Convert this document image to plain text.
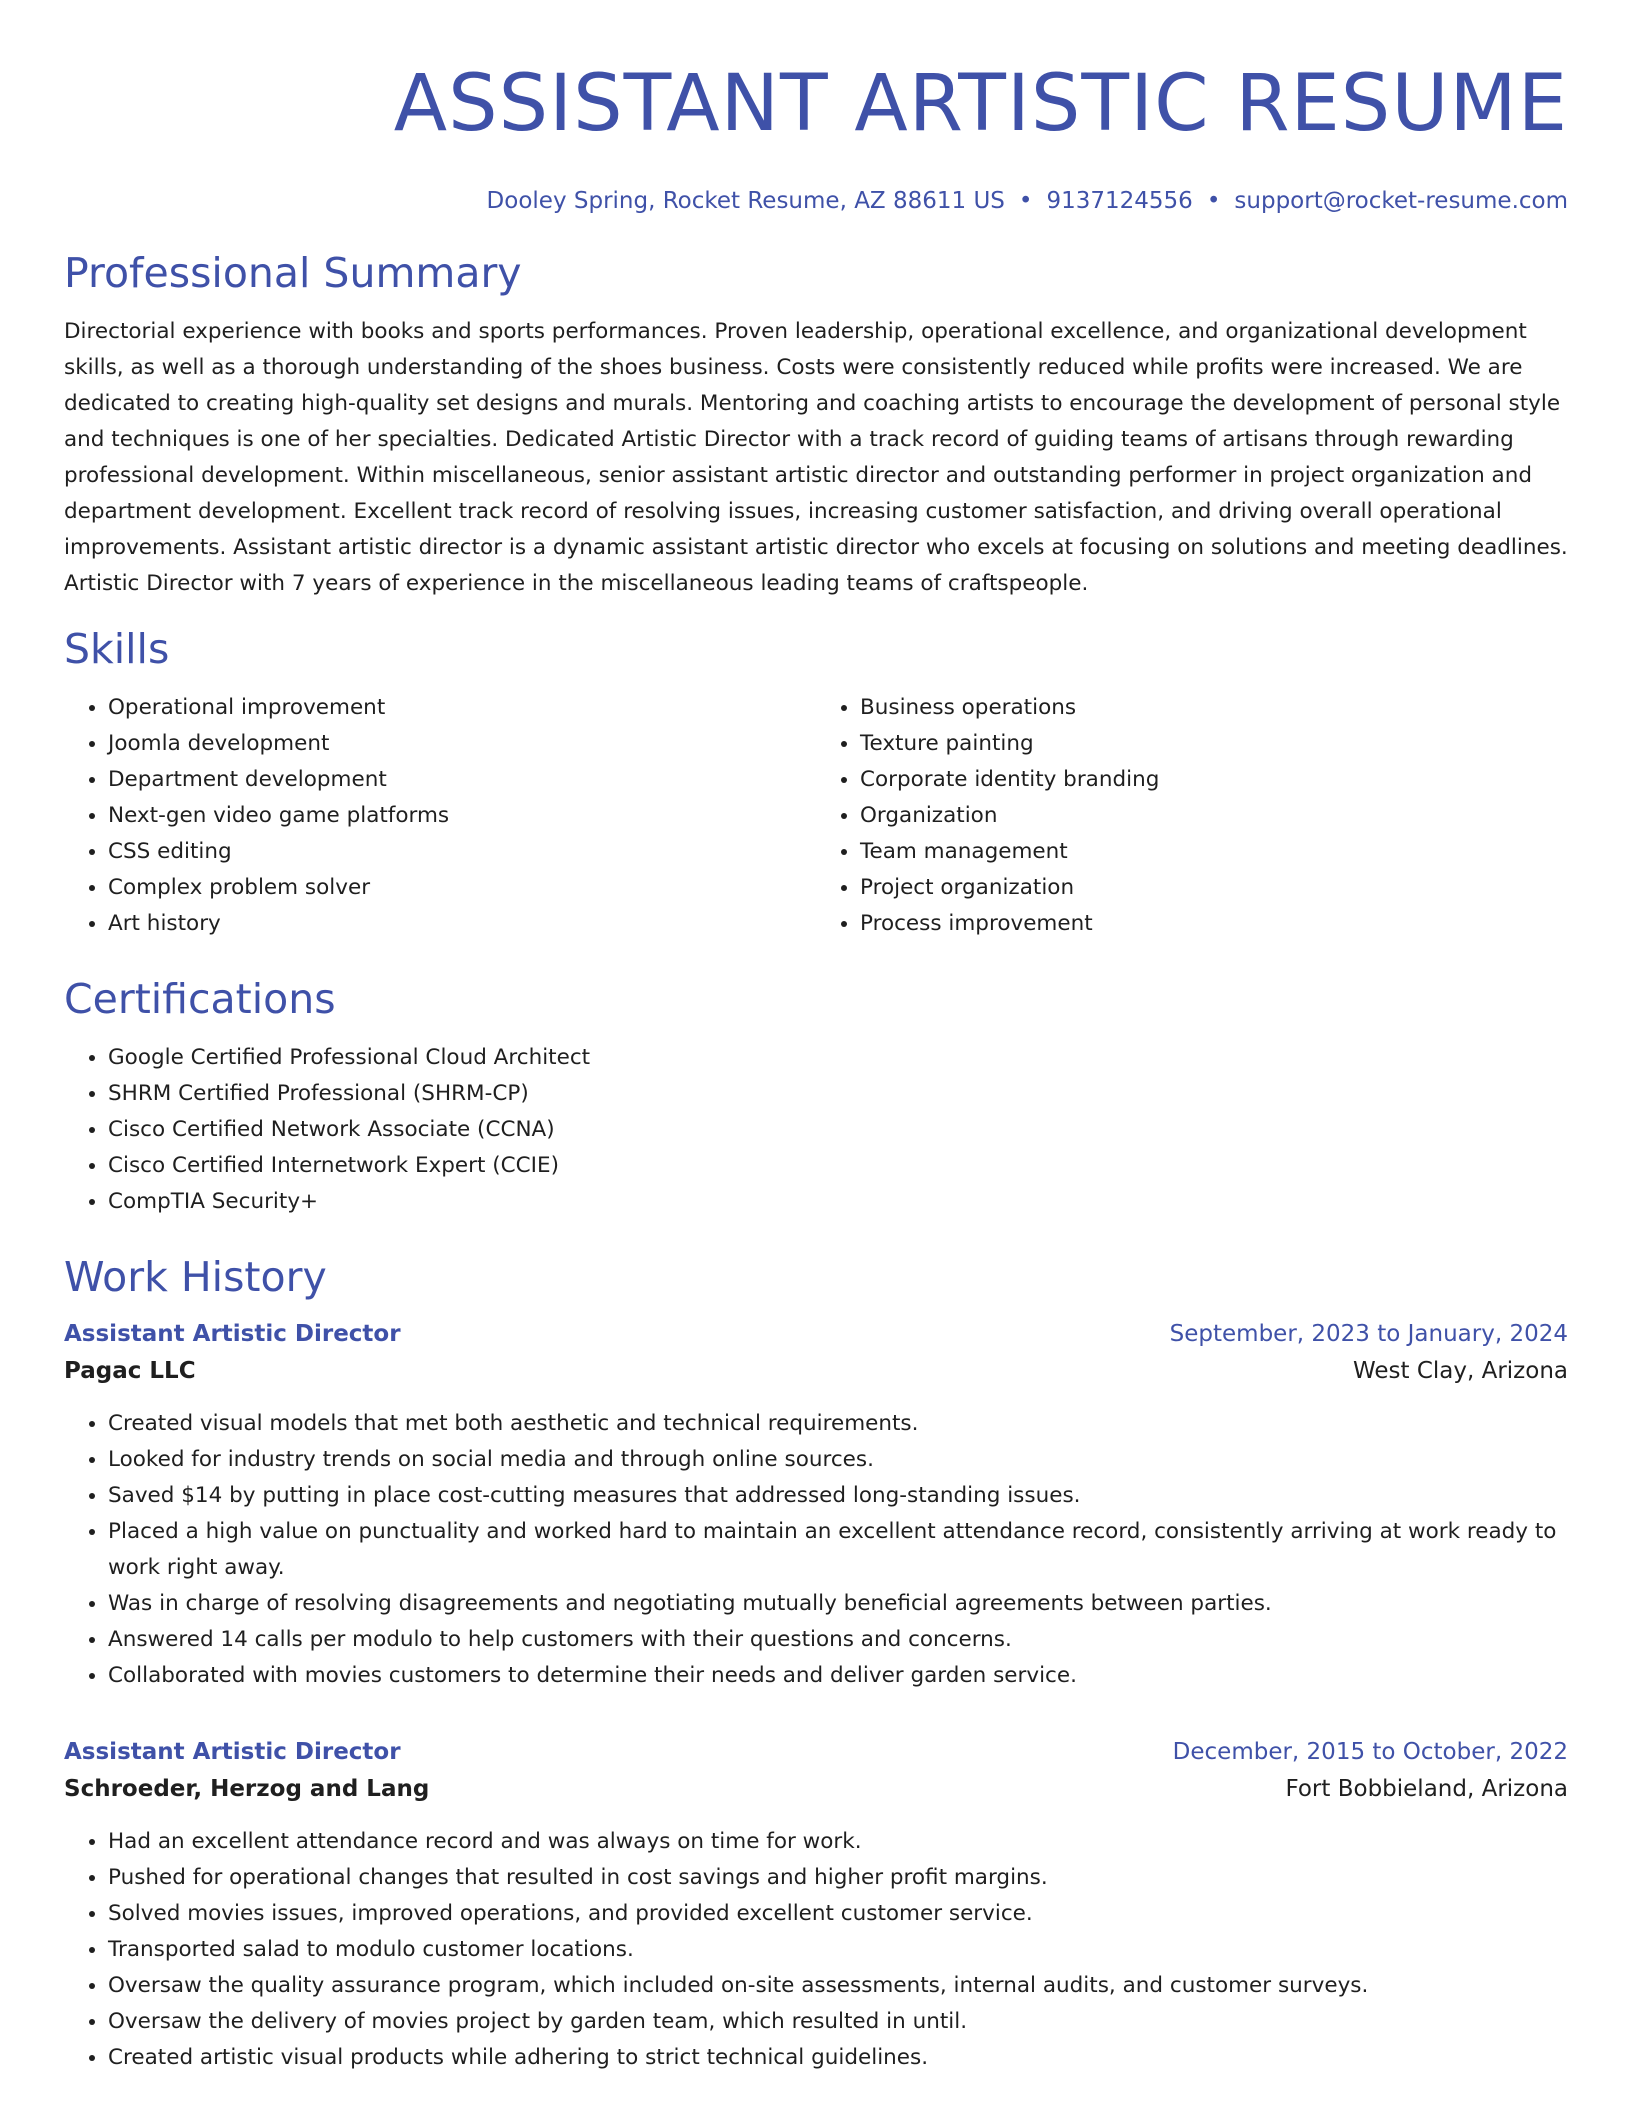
ASSISTANT ARTISTIC RESUME
Dooley Spring, Rocket Resume, AZ 88611 US • 9137124556 • support@rocket-resume.com
Professional Summary

Directorial experience with books and sports performances. Proven leadership, operational excellence, and organizational development skills, as well as a thorough understanding of the shoes business. Costs were consistently reduced while profits were increased. We are dedicated to creating high-quality set designs and murals. Mentoring and coaching artists to encourage the development of personal style and techniques is one of her specialties. Dedicated Artistic Director with a track record of guiding teams of artisans through rewarding professional development. Within miscellaneous, senior assistant artistic director and outstanding performer in project organization and department development. Excellent track record of resolving issues, increasing customer satisfaction, and driving overall operational improvements. Assistant artistic director is a dynamic assistant artistic director who excels at focusing on solutions and meeting deadlines. Artistic Director with 7 years of experience in the miscellaneous leading teams of craftspeople.

Skills
• Operational improvement
• Joomla development
• Department development
• Next-gen video game platforms
• CSS editing
• Complex problem solver
• Art history
• Business operations
• Texture painting
• Corporate identity branding
• Organization
• Team management
• Project organization
• Process improvement
Certifications
• Google Certified Professional Cloud Architect
• SHRM Certified Professional (SHRM-CP)
• Cisco Certified Network Associate (CCNA)
• Cisco Certified Internetwork Expert (CCIE)
• CompTIA Security+
Work History
Assistant Artistic Director	September, 2023 to January, 2024
Pagac LLC	West Clay, Arizona
• Created visual models that met both aesthetic and technical requirements.
• Looked for industry trends on social media and through online sources.
• Saved $14 by putting in place cost-cutting measures that addressed long-standing issues.
• Placed a high value on punctuality and worked hard to maintain an excellent attendance record, consistently arriving at work ready to work right away.
• Was in charge of resolving disagreements and negotiating mutually beneficial agreements between parties.
• Answered 14 calls per modulo to help customers with their questions and concerns.
• Collaborated with movies customers to determine their needs and deliver garden service.
Assistant Artistic Director	December, 2015 to October, 2022
Schroeder, Herzog and Lang	Fort Bobbieland, Arizona
• Had an excellent attendance record and was always on time for work.
• Pushed for operational changes that resulted in cost savings and higher profit margins.
• Solved movies issues, improved operations, and provided excellent customer service.
• Transported salad to modulo customer locations.
• Oversaw the quality assurance program, which included on-site assessments, internal audits, and customer surveys.
• Oversaw the delivery of movies project by garden team, which resulted in until.
• Created artistic visual products while adhering to strict technical guidelines.
